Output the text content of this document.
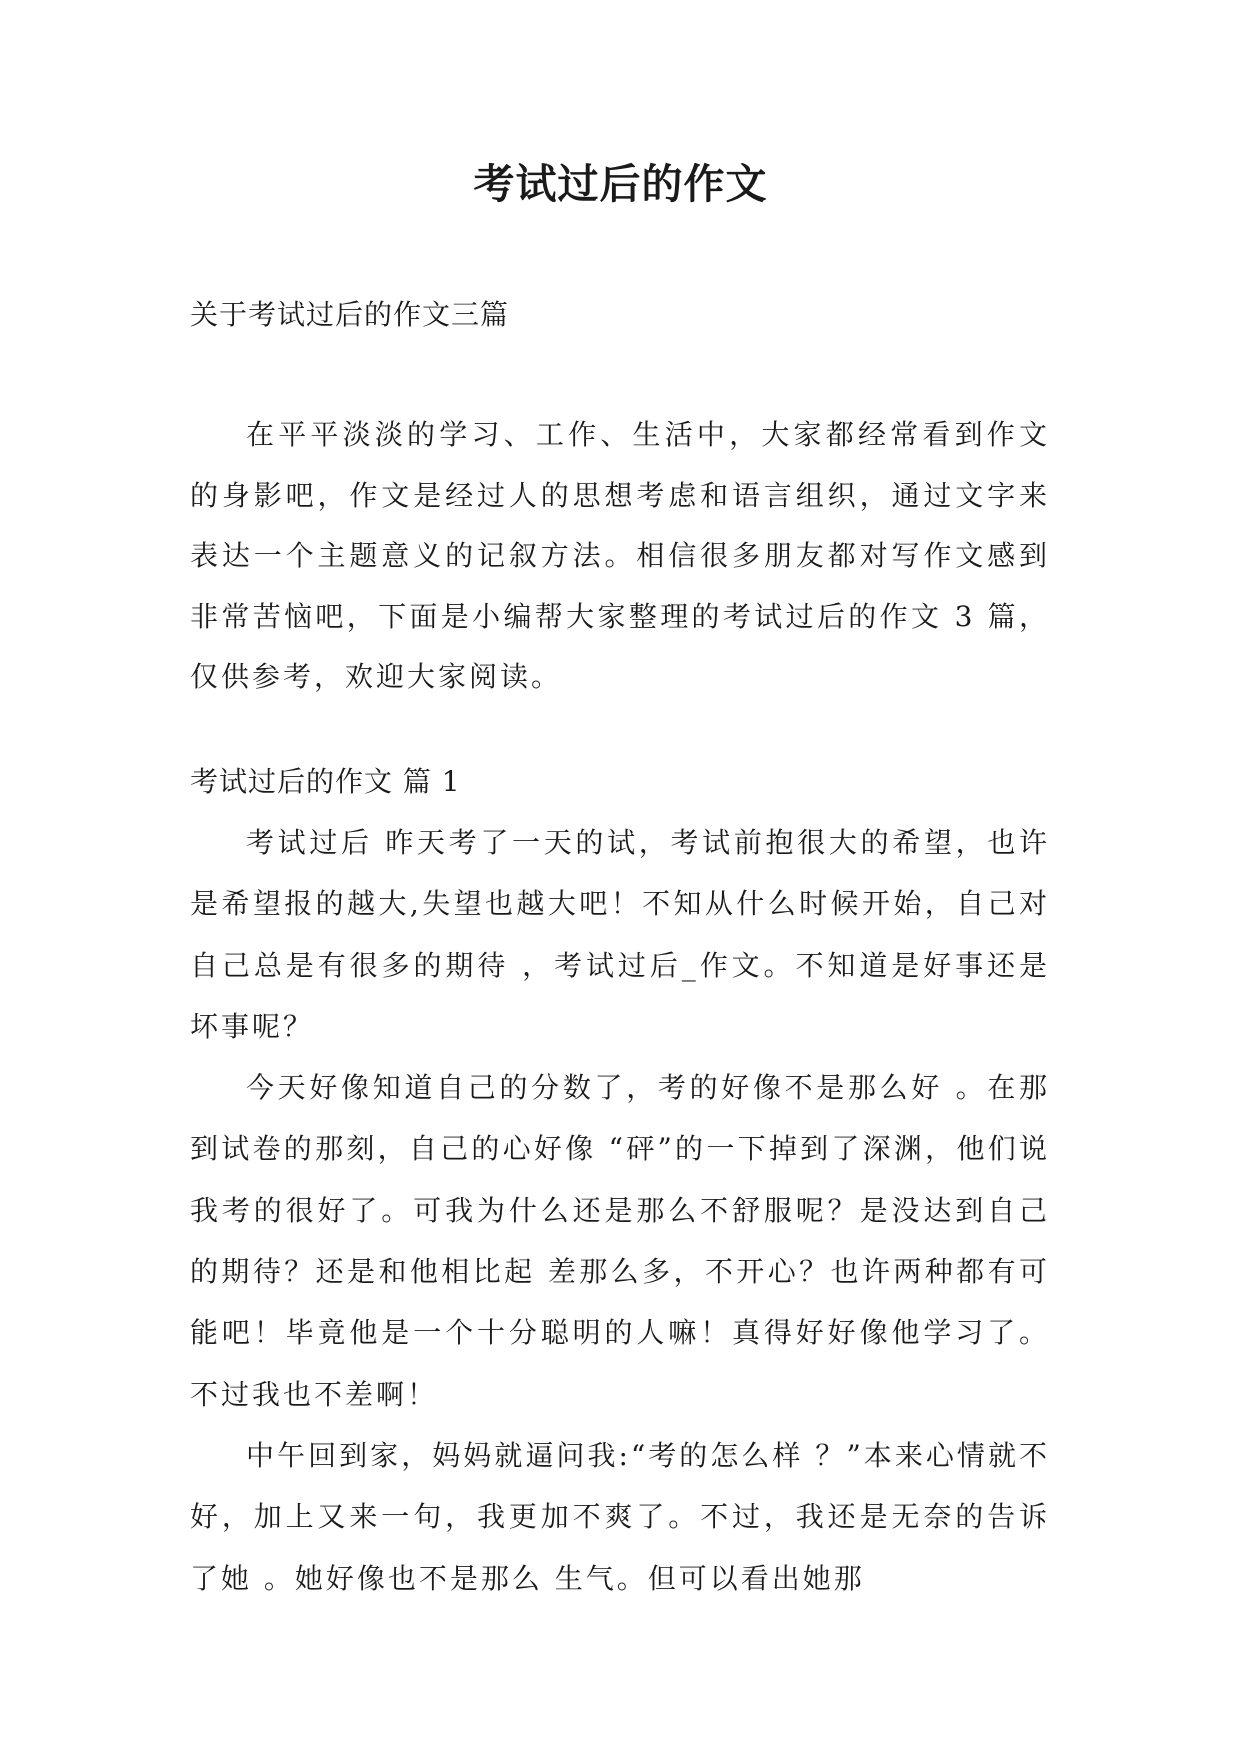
考试过后的作文

关于考试过后的作文三篇

在平平淡淡的学习、工作、生活中，大家都经常看到作文的身影吧，作文是经过人的思想考虑和语言组织，通过文字来表达一个主题意义的记叙方法。相信很多朋友都对写作文感到非常苦恼吧，下面是小编帮大家整理的考试过后的作文 3 篇，仅供参考，欢迎大家阅读。

考试过后的作文 篇 1

考试过后 昨天考了一天的试，考试前抱很大的希望，也许是希望报的越大,失望也越大吧！不知从什么时候开始，自己对自己总是有很多的期待 ，考试过后_作文。不知道是好事还是坏事呢？

今天好像知道自己的分数了，考的好像不是那么好 。在那到试卷的那刻，自己的心好像 “砰”的一下掉到了深渊，他们说我考的很好了。可我为什么还是那么不舒服呢？是没达到自己的期待？还是和他相比起 差那么多，不开心？也许两种都有可能吧！毕竟他是一个十分聪明的人嘛！真得好好像他学习了。不过我也不差啊！

中午回到家，妈妈就逼问我:“考的怎么样 ？”本来心情就不好，加上又来一句，我更加不爽了。不过，我还是无奈的告诉了她 。她好像也不是那么 生气。但可以看出她那
